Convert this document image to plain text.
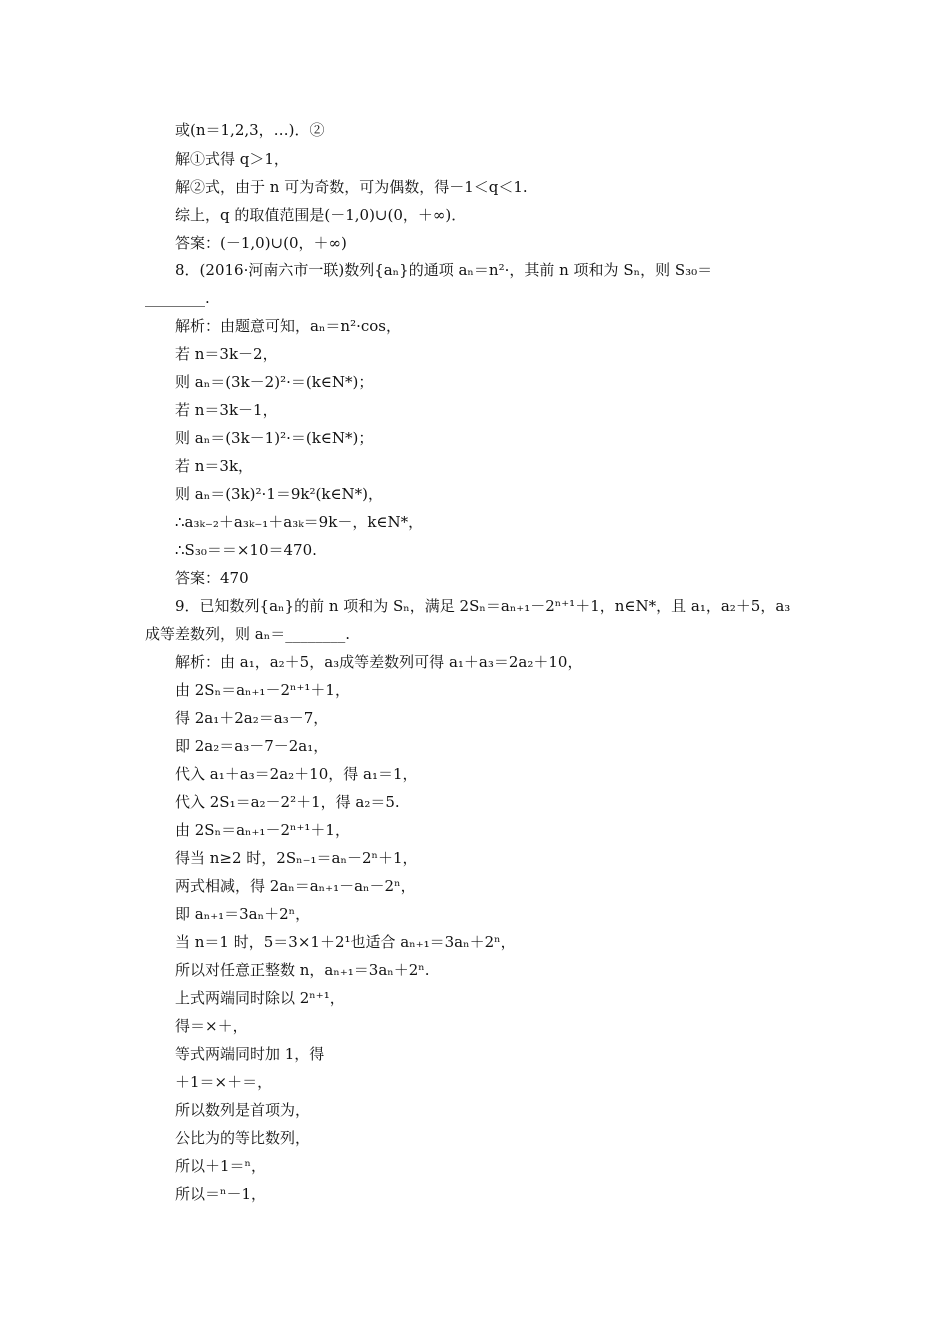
或(n＝1,2,3，…)．②
解①式得 q＞1，
解②式，由于 n 可为奇数，可为偶数，得－1＜q＜1.
综上，q 的取值范围是(－1,0)∪(0，＋∞)．
答案：(－1,0)∪(0，＋∞)
8．(2016·河南六市一联)数列{aₙ}的通项 aₙ＝n²·，其前 n 项和为 Sₙ，则 S₃₀＝
________.
解析：由题意可知，aₙ＝n²·cos，
若 n＝3k－2，
则 aₙ＝(3k－2)²·＝(k∈N*)；
若 n＝3k－1，
则 aₙ＝(3k－1)²·＝(k∈N*)；
若 n＝3k，
则 aₙ＝(3k)²·1＝9k²(k∈N*)，
∴a₃ₖ₋₂＋a₃ₖ₋₁＋a₃ₖ＝9k－，k∈N*，
∴S₃₀＝＝×10＝470.
答案：470
9．已知数列{aₙ}的前 n 项和为 Sₙ，满足 2Sₙ＝aₙ₊₁－2ⁿ⁺¹＋1，n∈N*，且 a₁，a₂＋5，a₃
成等差数列，则 aₙ＝________.
解析：由 a₁，a₂＋5，a₃成等差数列可得 a₁＋a₃＝2a₂＋10，
由 2Sₙ＝aₙ₊₁－2ⁿ⁺¹＋1，
得 2a₁＋2a₂＝a₃－7，
即 2a₂＝a₃－7－2a₁，
代入 a₁＋a₃＝2a₂＋10，得 a₁＝1，
代入 2S₁＝a₂－2²＋1，得 a₂＝5.
由 2Sₙ＝aₙ₊₁－2ⁿ⁺¹＋1，
得当 n≥2 时，2Sₙ₋₁＝aₙ－2ⁿ＋1，
两式相减，得 2aₙ＝aₙ₊₁－aₙ－2ⁿ，
即 aₙ₊₁＝3aₙ＋2ⁿ，
当 n＝1 时，5＝3×1＋2¹也适合 aₙ₊₁＝3aₙ＋2ⁿ，
所以对任意正整数 n，aₙ₊₁＝3aₙ＋2ⁿ.
上式两端同时除以 2ⁿ⁺¹，
得＝×＋，
等式两端同时加 1，得
＋1＝×＋＝，
所以数列是首项为，
公比为的等比数列，
所以＋1＝ⁿ，
所以＝ⁿ－1，
